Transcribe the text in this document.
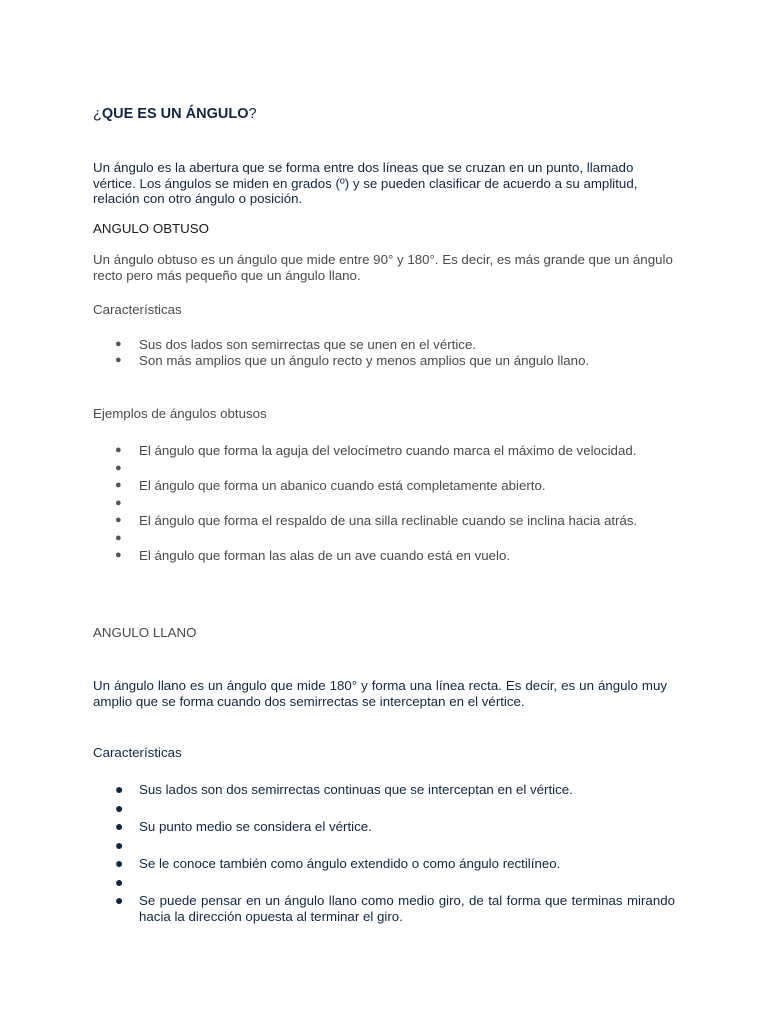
¿QUE ES UN ÁNGULO?
Un ángulo es la abertura que se forma entre dos líneas que se cruzan en un punto, llamado vértice. Los ángulos se miden en grados (º) y se pueden clasificar de acuerdo a su amplitud, relación con otro ángulo o posición.
ANGULO OBTUSO
Un ángulo obtuso es un ángulo que mide entre 90° y 180°. Es decir, es más grande que un ángulo recto pero más pequeño que un ángulo llano.
Características
● Sus dos lados son semirrectas que se unen en el vértice.
● Son más amplios que un ángulo recto y menos amplios que un ángulo llano.
Ejemplos de ángulos obtusos
● El ángulo que forma la aguja del velocímetro cuando marca el máximo de velocidad.
●

● El ángulo que forma un abanico cuando está completamente abierto.
●

● El ángulo que forma el respaldo de una silla reclinable cuando se inclina hacia atrás.
●

● El ángulo que forman las alas de un ave cuando está en vuelo.
ANGULO LLANO
Un ángulo llano es un ángulo que mide 180° y forma una línea recta. Es decir, es un ángulo muy amplio que se forma cuando dos semirrectas se interceptan en el vértice.
Características
● Sus lados son dos semirrectas continuas que se interceptan en el vértice.
●

● Su punto medio se considera el vértice.
●

● Se le conoce también como ángulo extendido o como ángulo rectilíneo.
●

● Se puede pensar en un ángulo llano como medio giro, de tal forma que terminas mirando hacia la dirección opuesta al terminar el giro.
